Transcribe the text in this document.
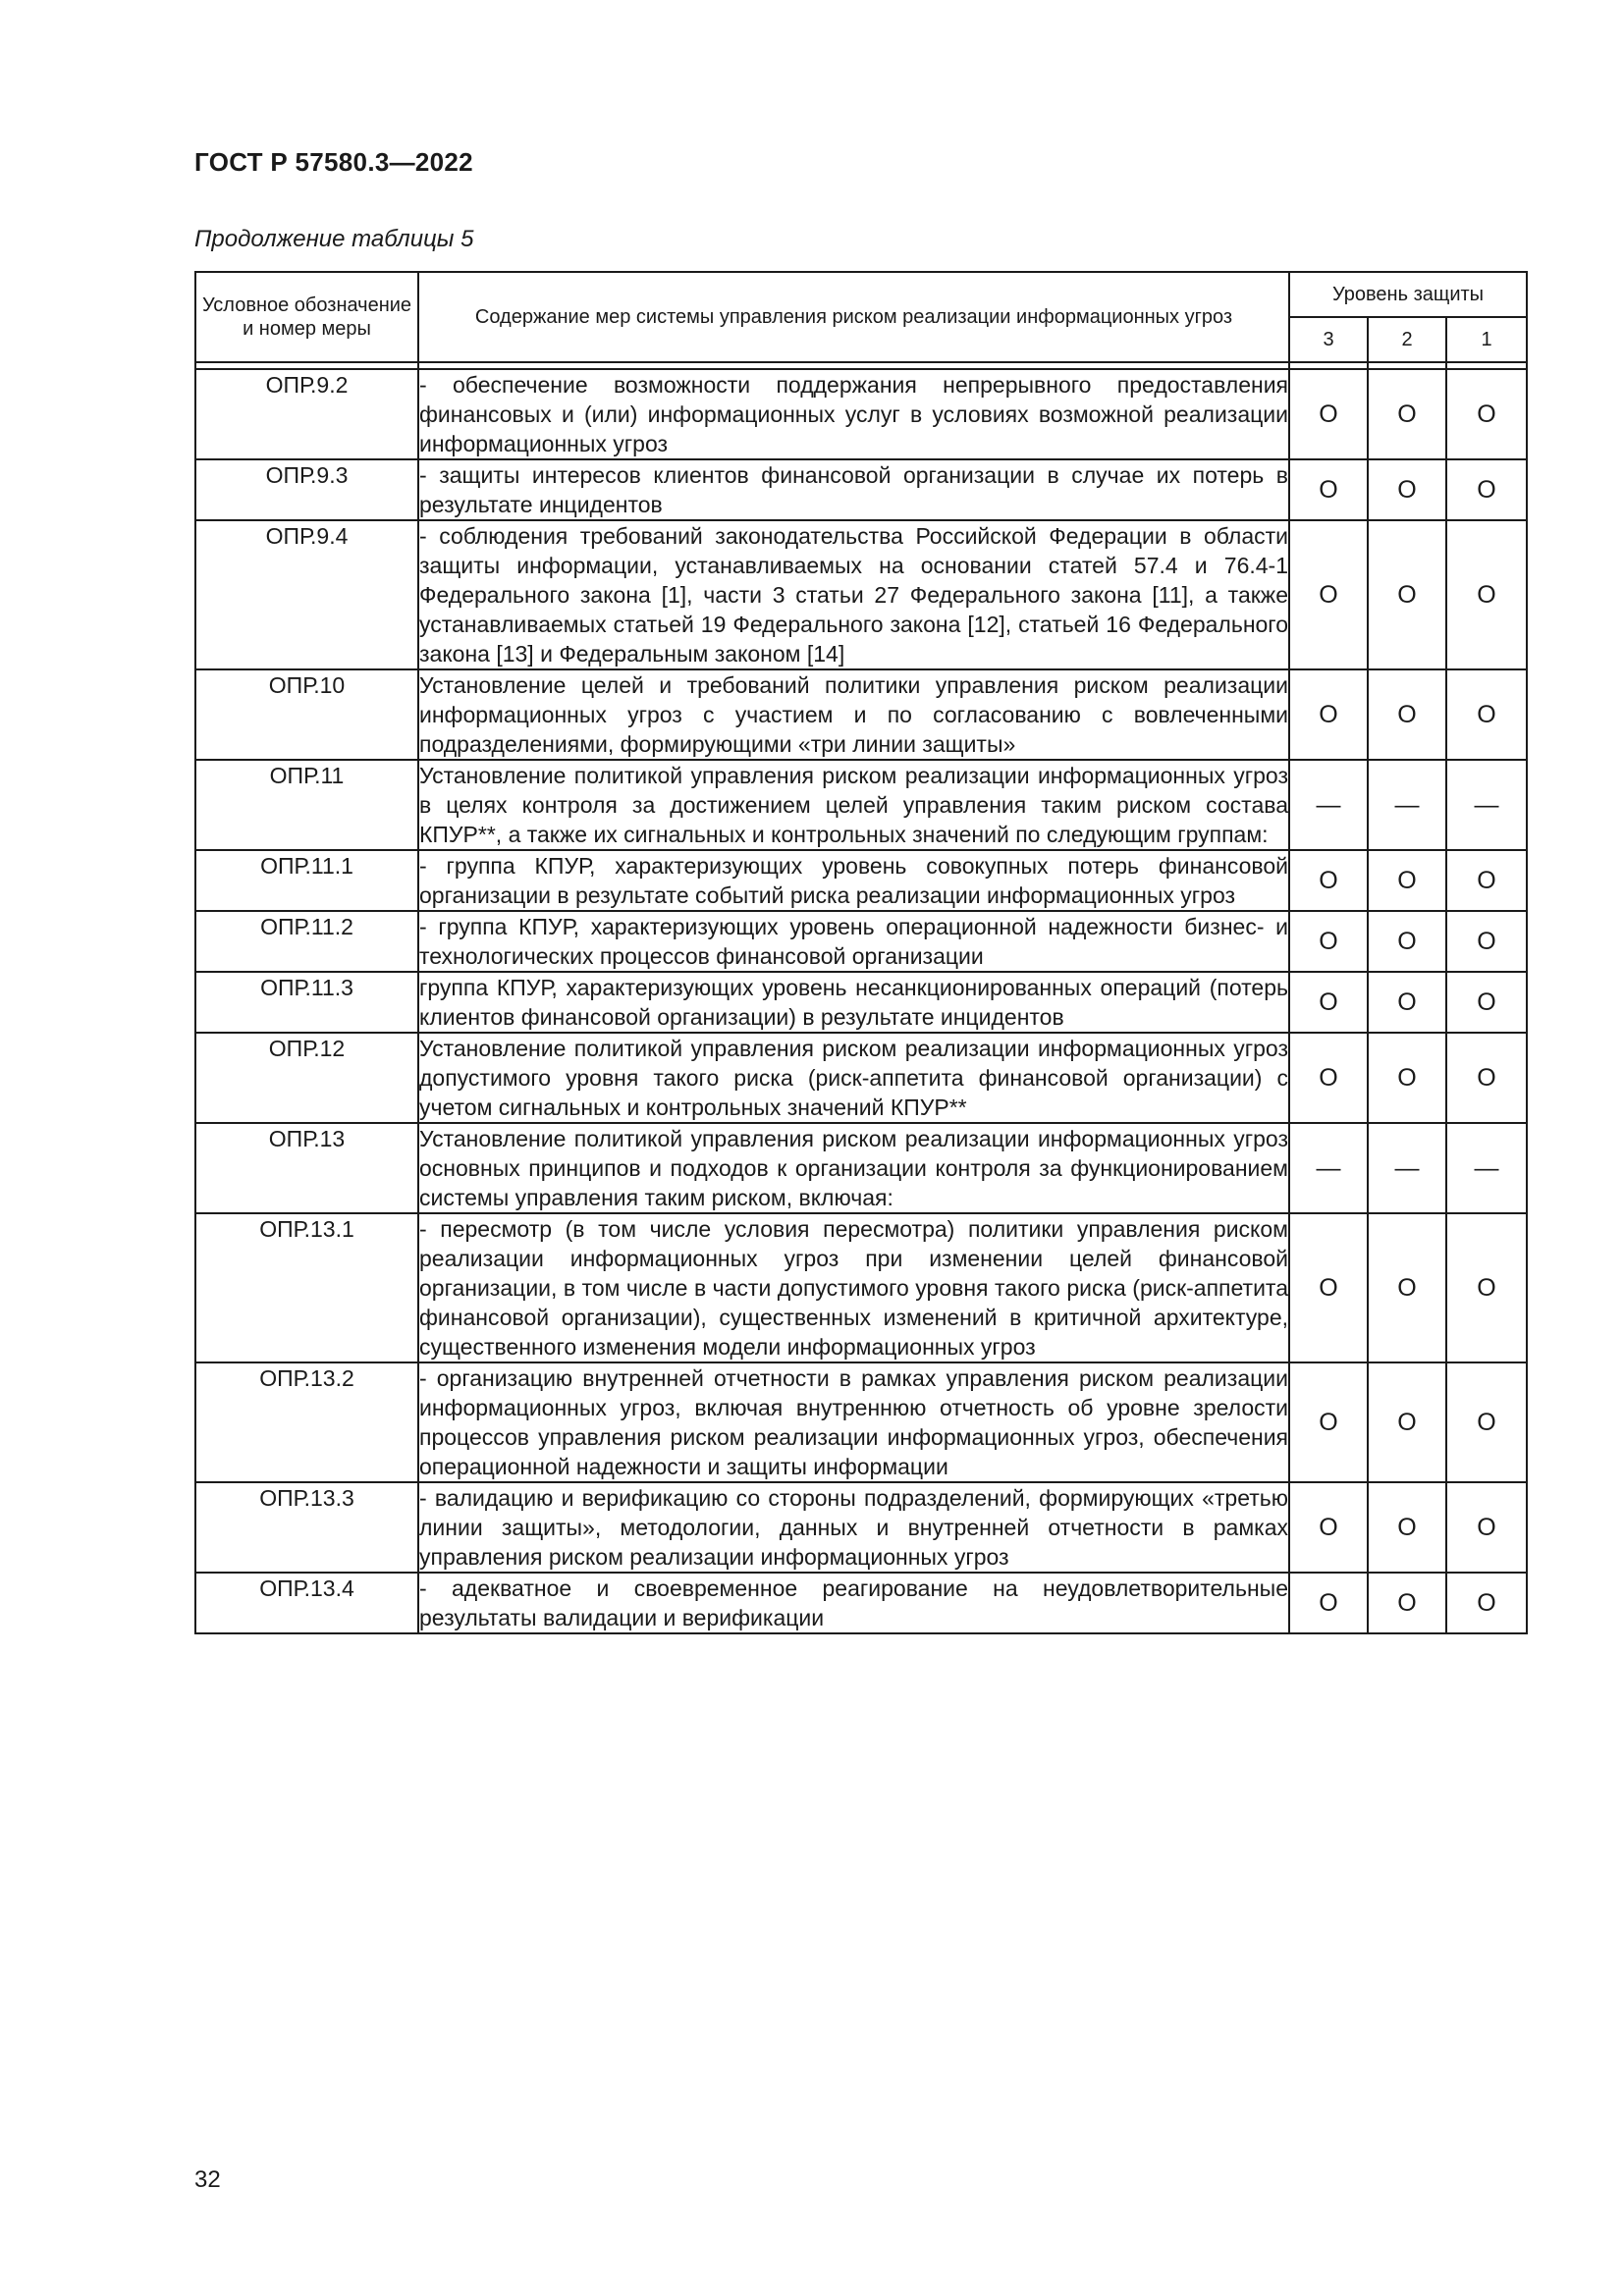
ГОСТ Р 57580.3—2022
Продолжение таблицы 5
Условное обозначение и номер меры	Содержание мер системы управления риском реализации информационных угроз	Уровень защиты		
		3	2	1

ОПР.9.2	- обеспечение возможности поддержания непрерывного предоставления финансовых и (или) информационных услуг в условиях возможной реализации информационных угроз	О	О	О
ОПР.9.3	- защиты интересов клиентов финансовой организации в случае их потерь в результате инцидентов	О	О	О
ОПР.9.4	- соблюдения требований законодательства Российской Федерации в области защиты информации, устанавливаемых на основании статей 57.4 и 76.4-1 Федерального закона [1], части 3 статьи 27 Федерального закона [11], а также устанавливаемых статьей 19 Федерального закона [12], статьей 16 Федерального закона [13] и Федеральным законом [14]	О	О	О
ОПР.10	Установление целей и требований политики управления риском реализации информационных угроз с участием и по согласованию с вовлеченными подразделениями, формирующими «три линии защиты»	О	О	О
ОПР.11	Установление политикой управления риском реализации информационных угроз в целях контроля за достижением целей управления таким риском состава КПУР**, а также их сигнальных и контрольных значений по следующим группам:	—	—	—
ОПР.11.1	- группа КПУР, характеризующих уровень совокупных потерь финансовой организации в результате событий риска реализации информационных угроз	О	О	О
ОПР.11.2	- группа КПУР, характеризующих уровень операционной надежности бизнес- и технологических процессов финансовой организации	О	О	О
ОПР.11.3	группа КПУР, характеризующих уровень несанкционированных операций (потерь клиентов финансовой организации) в результате инцидентов	О	О	О
ОПР.12	Установление политикой управления риском реализации информационных угроз допустимого уровня такого риска (риск-аппетита финансовой организации) с учетом сигнальных и контрольных значений КПУР**	О	О	О
ОПР.13	Установление политикой управления риском реализации информационных угроз основных принципов и подходов к организации контроля за функционированием системы управления таким риском, включая:	—	—	—
ОПР.13.1	- пересмотр (в том числе условия пересмотра) политики управления риском реализации информационных угроз при изменении целей финансовой организации, в том числе в части допустимого уровня такого риска (риск-аппетита финансовой организации), существенных изменений в критичной архитектуре, существенного изменения модели информационных угроз	О	О	О
ОПР.13.2	- организацию внутренней отчетности в рамках управления риском реализации информационных угроз, включая внутреннюю отчетность об уровне зрелости процессов управления риском реализации информационных угроз, обеспечения операционной надежности и защиты информации	О	О	О
ОПР.13.3	- валидацию и верификацию со стороны подразделений, формирующих «третью линии защиты», методологии, данных и внутренней отчетности в рамках управления риском реализации информационных угроз	О	О	О
ОПР.13.4	- адекватное и своевременное реагирование на неудовлетворительные результаты валидации и верификации	О	О	О
32
